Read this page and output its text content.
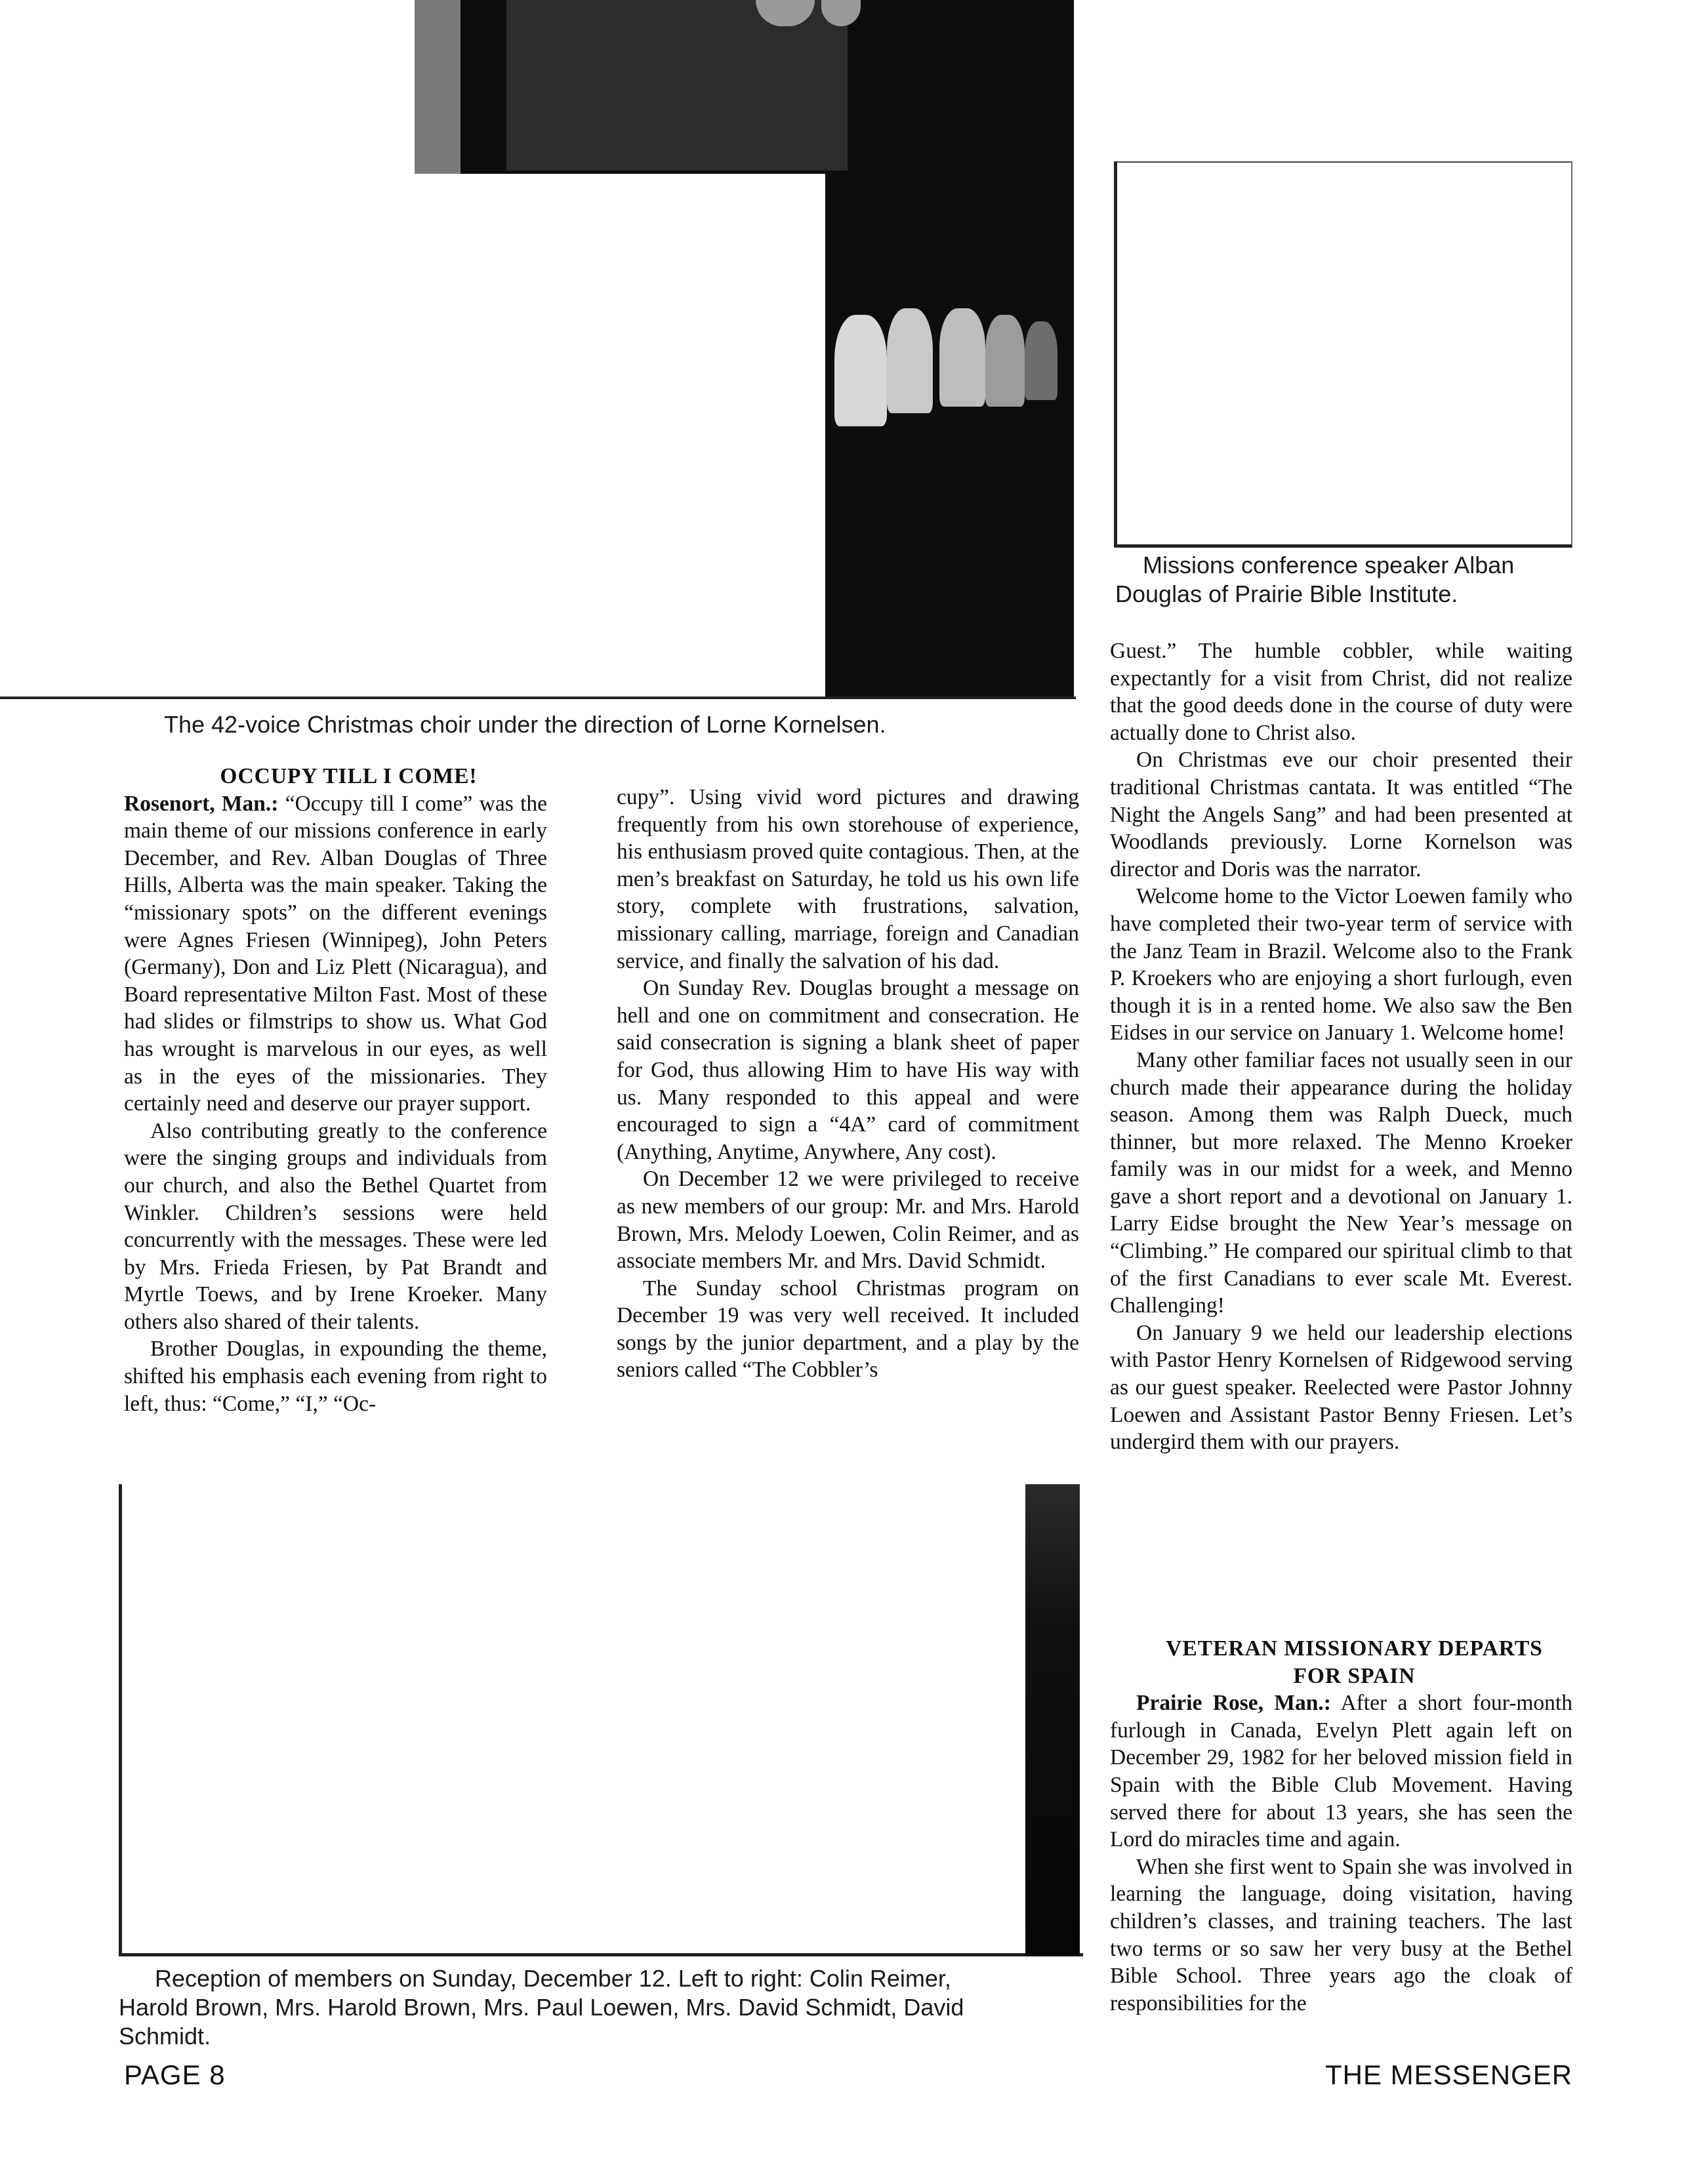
The 42-voice Christmas choir under the direction of Lorne Kornelsen.
Missions conference speaker Alban
Douglas of Prairie Bible Institute.

OCCUPY TILL I COME!

Rosenort, Man.: “Occupy till I come” was the main theme of our missions conference in early December, and Rev. Alban Douglas of Three Hills, Alberta was the main speaker. Taking the “missionary spots” on the different evenings were Agnes Friesen (Winnipeg), John Peters (Germany), Don and Liz Plett (Nicaragua), and Board representative Milton Fast. Most of these had slides or filmstrips to show us. What God has wrought is marvelous in our eyes, as well as in the eyes of the missionaries. They certainly need and deserve our prayer support.

Also contributing greatly to the conference were the singing groups and individuals from our church, and also the Bethel Quartet from Winkler. Children’s sessions were held concurrently with the messages. These were led by Mrs. Frieda Friesen, by Pat Brandt and Myrtle Toews, and by Irene Kroeker. Many others also shared of their talents.

Brother Douglas, in expounding the theme, shifted his emphasis each evening from right to left, thus: “Come,” “I,” “Oc-

cupy”. Using vivid word pictures and drawing frequently from his own storehouse of experience, his enthusiasm proved quite contagious. Then, at the men’s breakfast on Saturday, he told us his own life story, complete with frustrations, salvation, missionary calling, marriage, foreign and Canadian service, and finally the salvation of his dad.

On Sunday Rev. Douglas brought a message on hell and one on commitment and consecration. He said consecration is signing a blank sheet of paper for God, thus allowing Him to have His way with us. Many responded to this appeal and were encouraged to sign a “4A” card of commitment (Anything, Anytime, Anywhere, Any cost).

On December 12 we were privileged to receive as new members of our group: Mr. and Mrs. Harold Brown, Mrs. Melody Loewen, Colin Reimer, and as associate members Mr. and Mrs. David Schmidt.

The Sunday school Christmas program on December 19 was very well received. It included songs by the junior department, and a play by the seniors called “The Cobbler’s

Guest.” The humble cobbler, while waiting expectantly for a visit from Christ, did not realize that the good deeds done in the course of duty were actually done to Christ also.

On Christmas eve our choir presented their traditional Christmas cantata. It was entitled “The Night the Angels Sang” and had been presented at Woodlands previously. Lorne Kornelson was director and Doris was the narrator.

Welcome home to the Victor Loewen family who have completed their two-year term of service with the Janz Team in Brazil. Welcome also to the Frank P. Kroekers who are enjoying a short furlough, even though it is in a rented home. We also saw the Ben Eidses in our service on January 1. Welcome home!

Many other familiar faces not usually seen in our church made their appearance during the holiday season. Among them was Ralph Dueck, much thinner, but more relaxed. The Menno Kroeker family was in our midst for a week, and Menno gave a short report and a devotional on January 1. Larry Eidse brought the New Year’s message on “Climbing.” He compared our spiritual climb to that of the first Canadians to ever scale Mt. Everest. Challenging!

On January 9 we held our leadership elections with Pastor Henry Kornelsen of Ridgewood serving as our guest speaker. Reelected were Pastor Johnny Loewen and Assistant Pastor Benny Friesen. Let’s undergird them with our prayers.

VETERAN MISSIONARY DEPARTS

FOR SPAIN

Prairie Rose, Man.: After a short four-month furlough in Canada, Evelyn Plett again left on December 29, 1982 for her beloved mission field in Spain with the Bible Club Movement. Having served there for about 13 years, she has seen the Lord do miracles time and again.

When she first went to Spain she was involved in learning the language, doing visitation, having children’s classes, and training teachers. The last two terms or so saw her very busy at the Bethel Bible School. Three years ago the cloak of responsibilities for the

Reception of members on Sunday, December 12. Left to right: Colin Reimer,
Harold Brown, Mrs. Harold Brown, Mrs. Paul Loewen, Mrs. David Schmidt, David
Schmidt.
PAGE 8	THE MESSENGER
